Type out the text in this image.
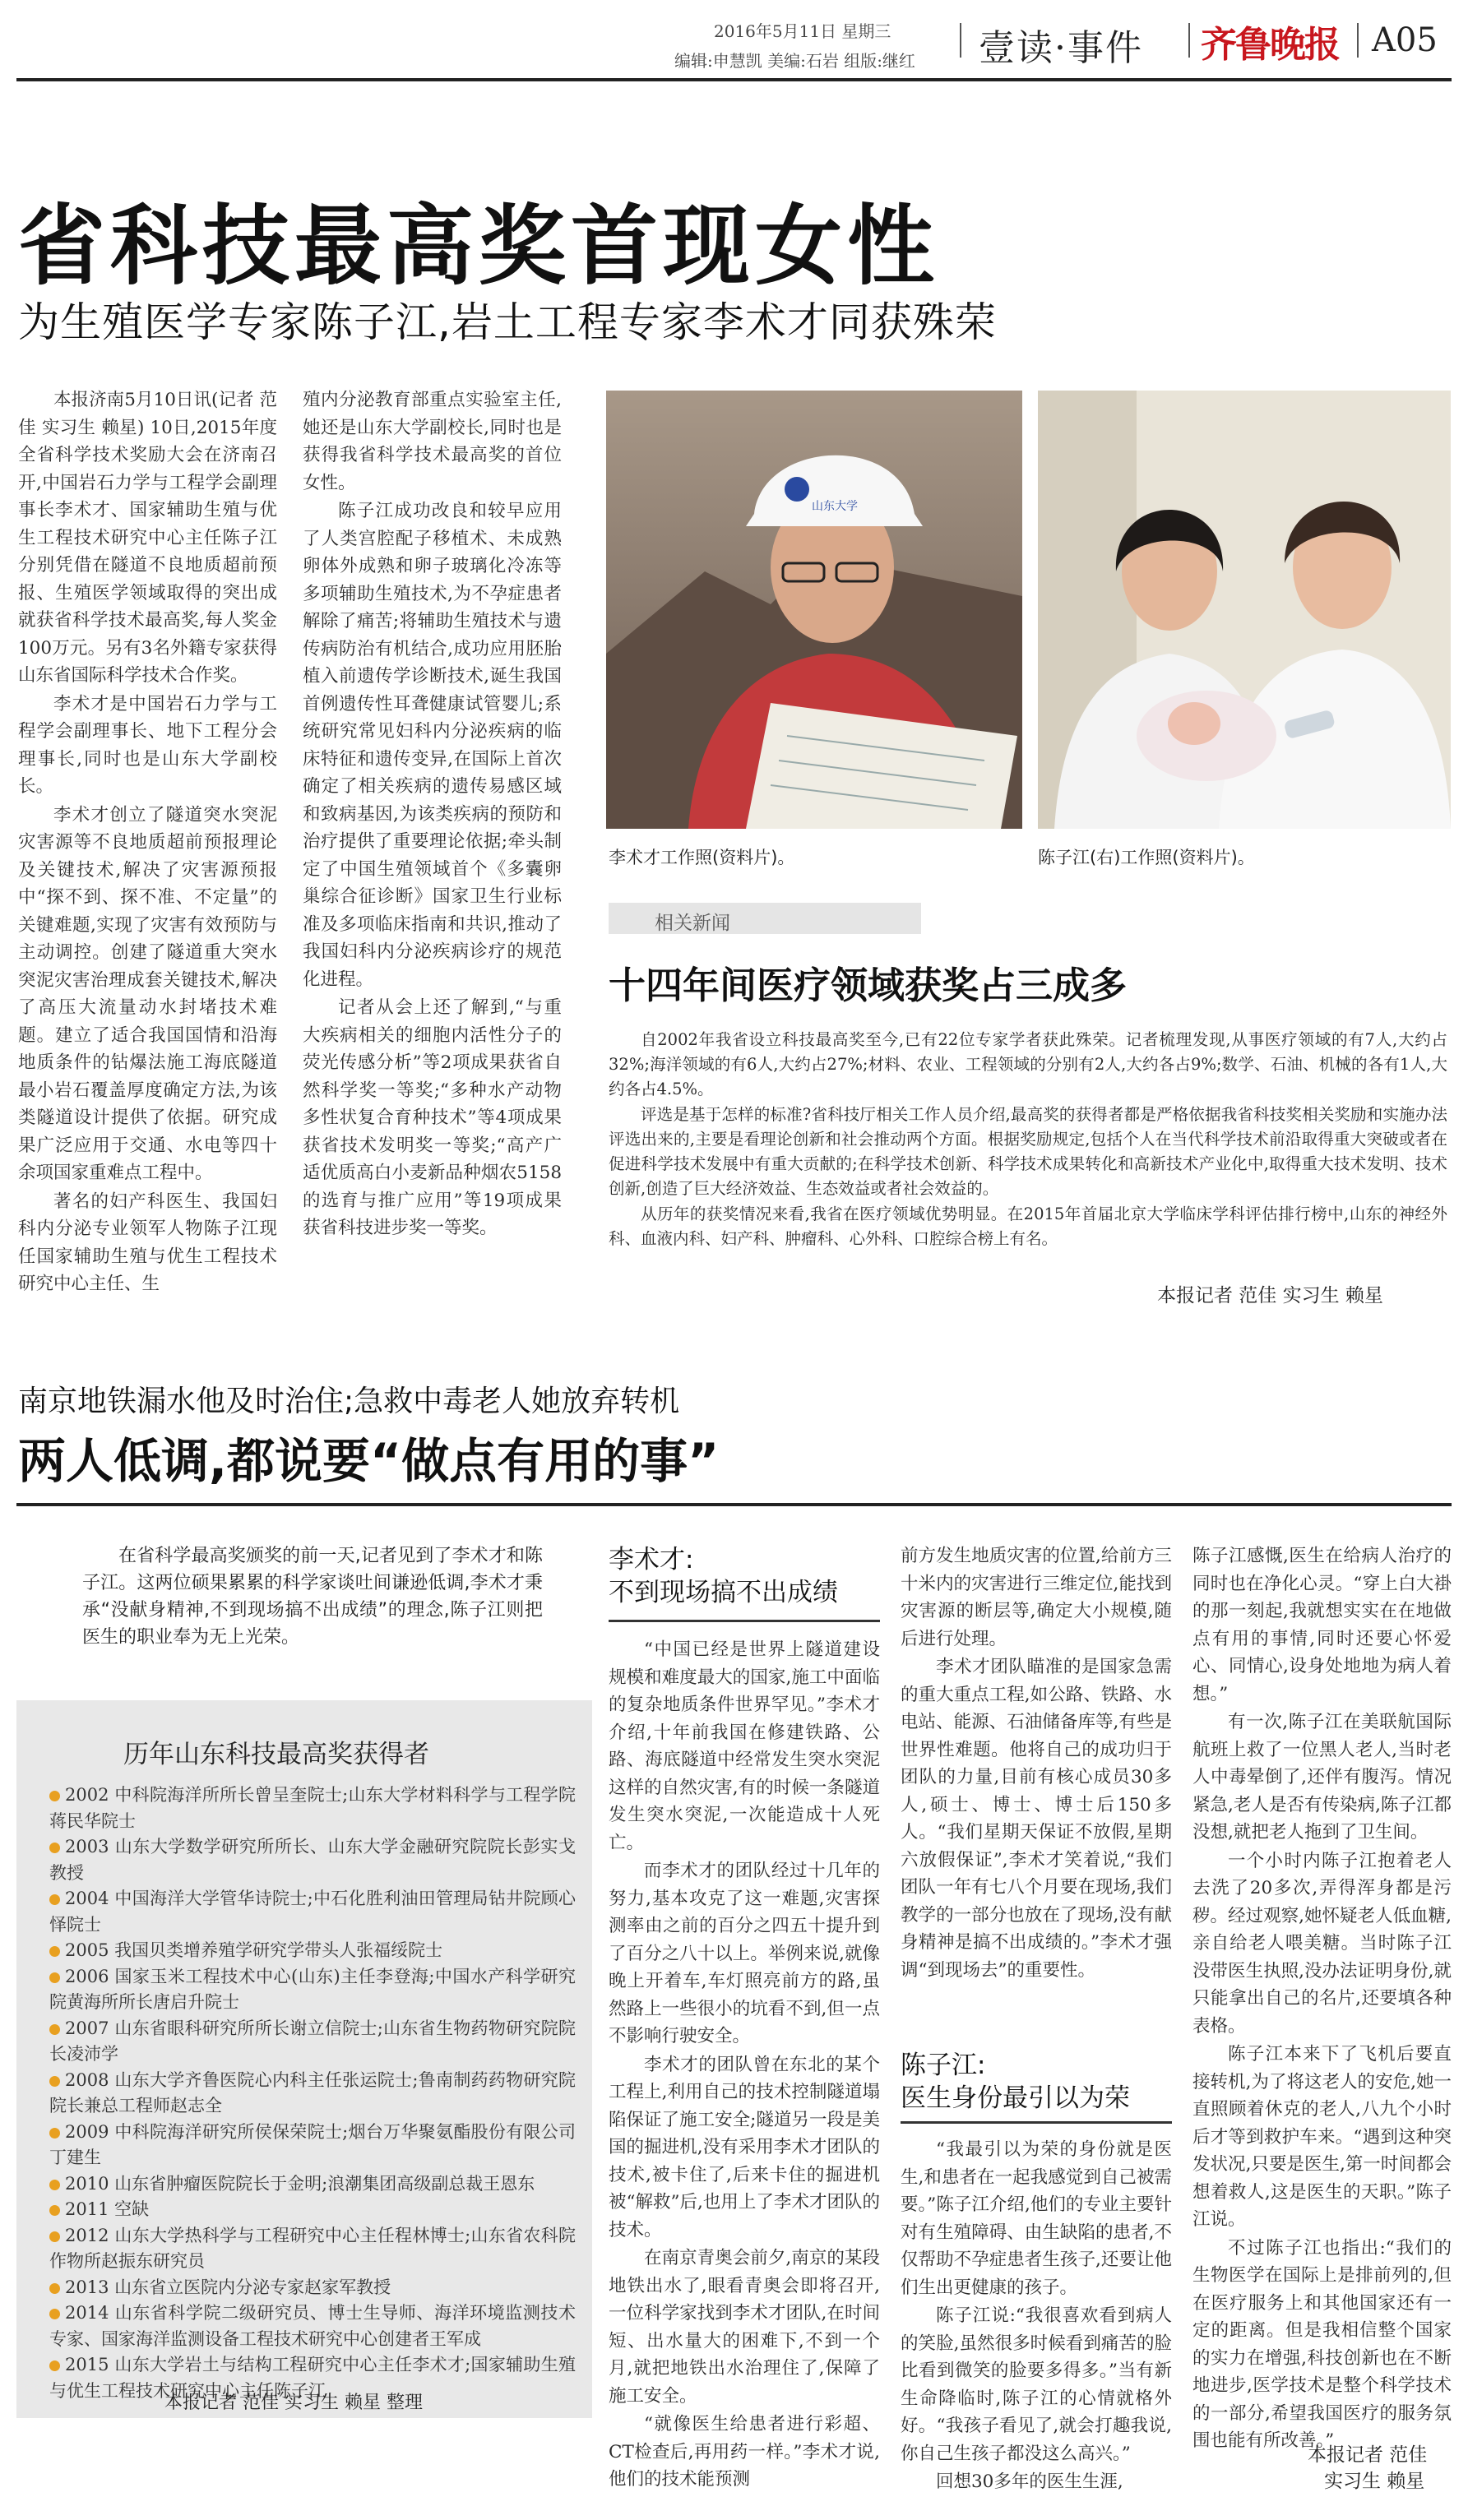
2016年5月11日 星期三
编辑:申慧凯 美编:石岩 组版:继红 壹读·事件 齐鲁晚报 A05
省科技最高奖首现女性
为生殖医学专家陈子江,岩土工程专家李术才同获殊荣

本报济南5月10日讯(记者 范佳 实习生 赖星) 10日,2015年度全省科学技术奖励大会在济南召开,中国岩石力学与工程学会副理事长李术才、国家辅助生殖与优生工程技术研究中心主任陈子江分别凭借在隧道不良地质超前预报、生殖医学领域取得的突出成就获省科学技术最高奖,每人奖金100万元。另有3名外籍专家获得山东省国际科学技术合作奖。

李术才是中国岩石力学与工程学会副理事长、地下工程分会理事长,同时也是山东大学副校长。

李术才创立了隧道突水突泥灾害源等不良地质超前预报理论及关键技术,解决了灾害源预报中“探不到、探不准、不定量”的关键难题,实现了灾害有效预防与主动调控。创建了隧道重大突水突泥灾害治理成套关键技术,解决了高压大流量动水封堵技术难题。建立了适合我国国情和沿海地质条件的钻爆法施工海底隧道最小岩石覆盖厚度确定方法,为该类隧道设计提供了依据。研究成果广泛应用于交通、水电等四十余项国家重难点工程中。

著名的妇产科医生、我国妇科内分泌专业领军人物陈子江现任国家辅助生殖与优生工程技术研究中心主任、生

殖内分泌教育部重点实验室主任,她还是山东大学副校长,同时也是获得我省科学技术最高奖的首位女性。

陈子江成功改良和较早应用了人类宫腔配子移植术、未成熟卵体外成熟和卵子玻璃化冷冻等多项辅助生殖技术,为不孕症患者解除了痛苦;将辅助生殖技术与遗传病防治有机结合,成功应用胚胎植入前遗传学诊断技术,诞生我国首例遗传性耳聋健康试管婴儿;系统研究常见妇科内分泌疾病的临床特征和遗传变异,在国际上首次确定了相关疾病的遗传易感区域和致病基因,为该类疾病的预防和治疗提供了重要理论依据;牵头制定了中国生殖领域首个《多囊卵巢综合征诊断》国家卫生行业标准及多项临床指南和共识,推动了我国妇科内分泌疾病诊疗的规范化进程。

记者从会上还了解到,“与重大疾病相关的细胞内活性分子的荧光传感分析”等2项成果获省自然科学奖一等奖;“多种水产动物多性状复合育种技术”等4项成果获省技术发明奖一等奖;“高产广适优质高白小麦新品种烟农5158的选育与推广应用”等19项成果获省科技进步奖一等奖。

山东大学
李术才工作照(资料片)。	陈子江(右)工作照(资料片)。
相关新闻
十四年间医疗领域获奖占三成多

自2002年我省设立科技最高奖至今,已有22位专家学者获此殊荣。记者梳理发现,从事医疗领域的有7人,大约占32%;海洋领域的有6人,大约占27%;材料、农业、工程领域的分别有2人,大约各占9%;数学、石油、机械的各有1人,大约各占4.5%。

评选是基于怎样的标准?省科技厅相关工作人员介绍,最高奖的获得者都是严格依据我省科技奖相关奖励和实施办法评选出来的,主要是看理论创新和社会推动两个方面。根据奖励规定,包括个人在当代科学技术前沿取得重大突破或者在促进科学技术发展中有重大贡献的;在科学技术创新、科学技术成果转化和高新技术产业化中,取得重大技术发明、技术创新,创造了巨大经济效益、生态效益或者社会效益的。

从历年的获奖情况来看,我省在医疗领域优势明显。在2015年首届北京大学临床学科评估排行榜中,山东的神经外科、血液内科、妇产科、肿瘤科、心外科、口腔综合榜上有名。

本报记者 范佳 实习生 赖星
南京地铁漏水他及时治住;急救中毒老人她放弃转机
两人低调,都说要“做点有用的事”
在省科学最高奖颁奖的前一天,记者见到了李术才和陈子江。这两位硕果累累的科学家谈吐间谦逊低调,李术才秉承“没献身精神,不到现场搞不出成绩”的理念,陈子江则把医生的职业奉为无上光荣。
历年山东科技最高奖获得者
2002 中科院海洋所所长曾呈奎院士;山东大学材料科学与工程学院蒋民华院士
2003 山东大学数学研究所所长、山东大学金融研究院院长彭实戈教授
2004 中国海洋大学管华诗院士;中石化胜利油田管理局钻井院顾心怿院士
2005 我国贝类增养殖学研究学带头人张福绥院士
2006 国家玉米工程技术中心(山东)主任李登海;中国水产科学研究院黄海所所长唐启升院士
2007 山东省眼科研究所所长谢立信院士;山东省生物药物研究院院长凌沛学
2008 山东大学齐鲁医院心内科主任张运院士;鲁南制药药物研究院院长兼总工程师赵志全
2009 中科院海洋研究所侯保荣院士;烟台万华聚氨酯股份有限公司丁建生
2010 山东省肿瘤医院院长于金明;浪潮集团高级副总裁王恩东
2011 空缺
2012 山东大学热科学与工程研究中心主任程林博士;山东省农科院作物所赵振东研究员
2013 山东省立医院内分泌专家赵家军教授
2014 山东省科学院二级研究员、博士生导师、海洋环境监测技术专家、国家海洋监测设备工程技术研究中心创建者王军成
2015 山东大学岩土与结构工程研究中心主任李术才;国家辅助生殖与优生工程技术研究中心主任陈子江
本报记者 范佳 实习生 赖星 整理
李术才:
不到现场搞不出成绩

“中国已经是世界上隧道建设规模和难度最大的国家,施工中面临的复杂地质条件世界罕见。”李术才介绍,十年前我国在修建铁路、公路、海底隧道中经常发生突水突泥这样的自然灾害,有的时候一条隧道发生突水突泥,一次能造成十人死亡。

而李术才的团队经过十几年的努力,基本攻克了这一难题,灾害探测率由之前的百分之四五十提升到了百分之八十以上。举例来说,就像晚上开着车,车灯照亮前方的路,虽然路上一些很小的坑看不到,但一点不影响行驶安全。

李术才的团队曾在东北的某个工程上,利用自己的技术控制隧道塌陷保证了施工安全;隧道另一段是美国的掘进机,没有采用李术才团队的技术,被卡住了,后来卡住的掘进机被“解救”后,也用上了李术才团队的技术。

在南京青奥会前夕,南京的某段地铁出水了,眼看青奥会即将召开,一位科学家找到李术才团队,在时间短、出水量大的困难下,不到一个月,就把地铁出水治理住了,保障了施工安全。

“就像医生给患者进行彩超、CT检查后,再用药一样。”李术才说,他们的技术能预测

前方发生地质灾害的位置,给前方三十米内的灾害进行三维定位,能找到灾害源的断层等,确定大小规模,随后进行处理。

李术才团队瞄准的是国家急需的重大重点工程,如公路、铁路、水电站、能源、石油储备库等,有些是世界性难题。他将自己的成功归于团队的力量,目前有核心成员30多人,硕士、博士、博士后150多人。“我们星期天保证不放假,星期六放假保证”,李术才笑着说,“我们团队一年有七八个月要在现场,我们教学的一部分也放在了现场,没有献身精神是搞不出成绩的。”李术才强调“到现场去”的重要性。

陈子江:
医生身份最引以为荣

“我最引以为荣的身份就是医生,和患者在一起我感觉到自己被需要。”陈子江介绍,他们的专业主要针对有生殖障碍、由生缺陷的患者,不仅帮助不孕症患者生孩子,还要让他们生出更健康的孩子。

陈子江说:“我很喜欢看到病人的笑脸,虽然很多时候看到痛苦的脸比看到微笑的脸要多得多。”当有新生命降临时,陈子江的心情就格外好。“我孩子看见了,就会打趣我说,你自己生孩子都没这么高兴。”

回想30多年的医生生涯,

陈子江感慨,医生在给病人治疗的同时也在净化心灵。“穿上白大褂的那一刻起,我就想实实在在地做点有用的事情,同时还要心怀爱心、同情心,设身处地地为病人着想。”

有一次,陈子江在美联航国际航班上救了一位黑人老人,当时老人中毒晕倒了,还伴有腹泻。情况紧急,老人是否有传染病,陈子江都没想,就把老人拖到了卫生间。

一个小时内陈子江抱着老人去洗了20多次,弄得浑身都是污秽。经过观察,她怀疑老人低血糖,亲自给老人喂美糖。当时陈子江没带医生执照,没办法证明身份,就只能拿出自己的名片,还要填各种表格。

陈子江本来下了飞机后要直接转机,为了将这老人的安危,她一直照顾着休克的老人,八九个小时后才等到救护车来。“遇到这种突发状况,只要是医生,第一时间都会想着救人,这是医生的天职。”陈子江说。

不过陈子江也指出:“我们的生物医学在国际上是排前列的,但在医疗服务上和其他国家还有一定的距离。但是我相信整个国家的实力在增强,科技创新也在不断地进步,医学技术是整个科学技术的一部分,希望我国医疗的服务氛围也能有所改善。”

本报记者 范佳
实习生 赖星
